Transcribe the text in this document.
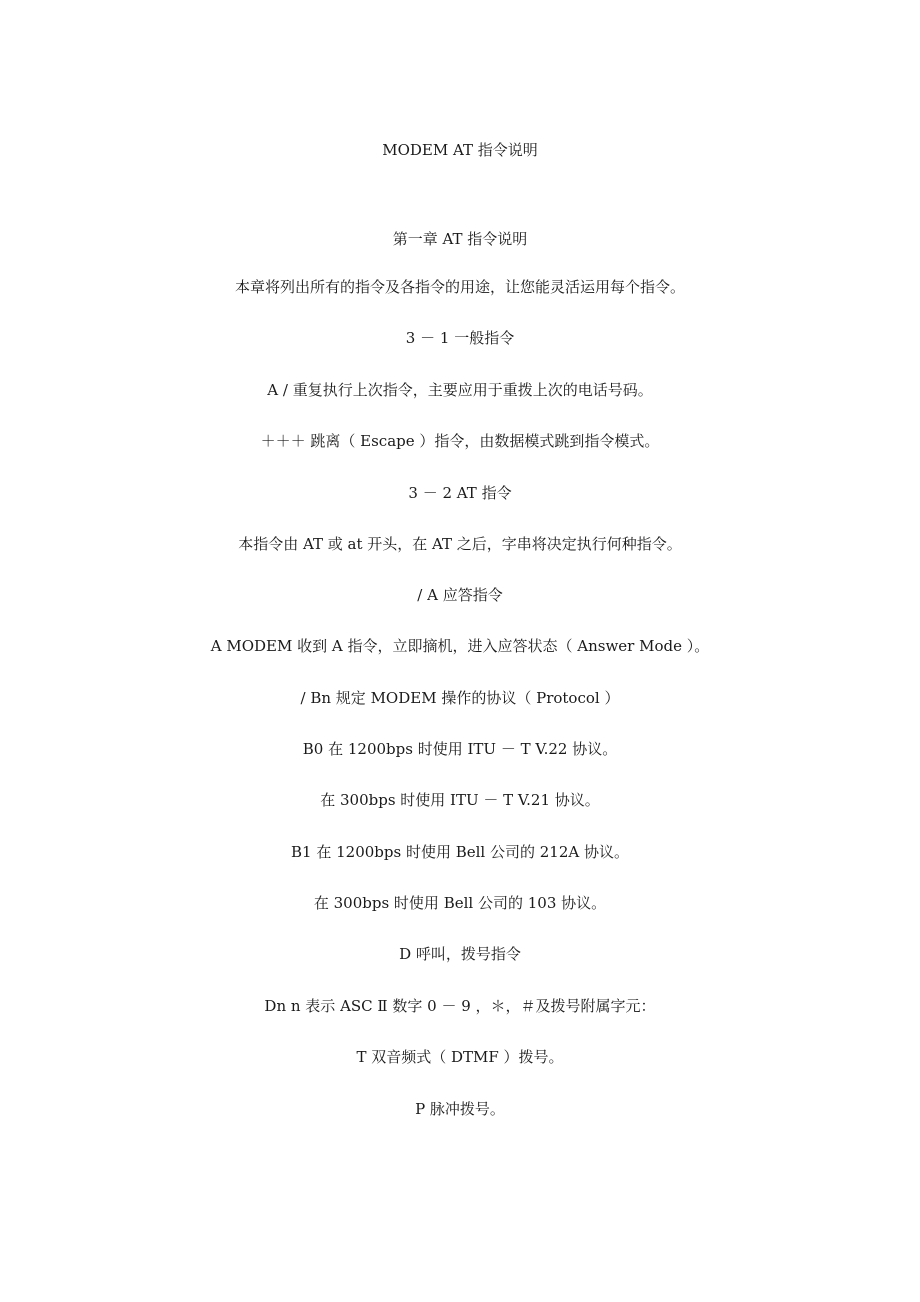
MODEM AT 指令说明
第一章 AT 指令说明
本章将列出所有的指令及各指令的用途，让您能灵活运用每个指令。
3 － 1 一般指令
A / 重复执行上次指令，主要应用于重拨上次的电话号码。
＋＋＋ 跳离（ Escape ）指令，由数据模式跳到指令模式。
3 － 2 AT 指令
本指令由 AT 或 at 开头，在 AT 之后，字串将决定执行何种指令。
/ A 应答指令
A MODEM 收到 A 指令，立即摘机，进入应答状态（ Answer Mode ）。
/ Bn 规定 MODEM 操作的协议（ Protocol ）
B0 在 1200bps 时使用 ITU － T V.22 协议。
在 300bps 时使用 ITU － T V.21 协议。
B1 在 1200bps 时使用 Bell 公司的 212A 协议。
在 300bps 时使用 Bell 公司的 103 协议。
D 呼叫，拨号指令
Dn n 表示 ASC Ⅱ 数字 0 － 9 ，＊，＃及拨号附属字元：
T 双音频式（ DTMF ）拨号。
P 脉冲拨号。
